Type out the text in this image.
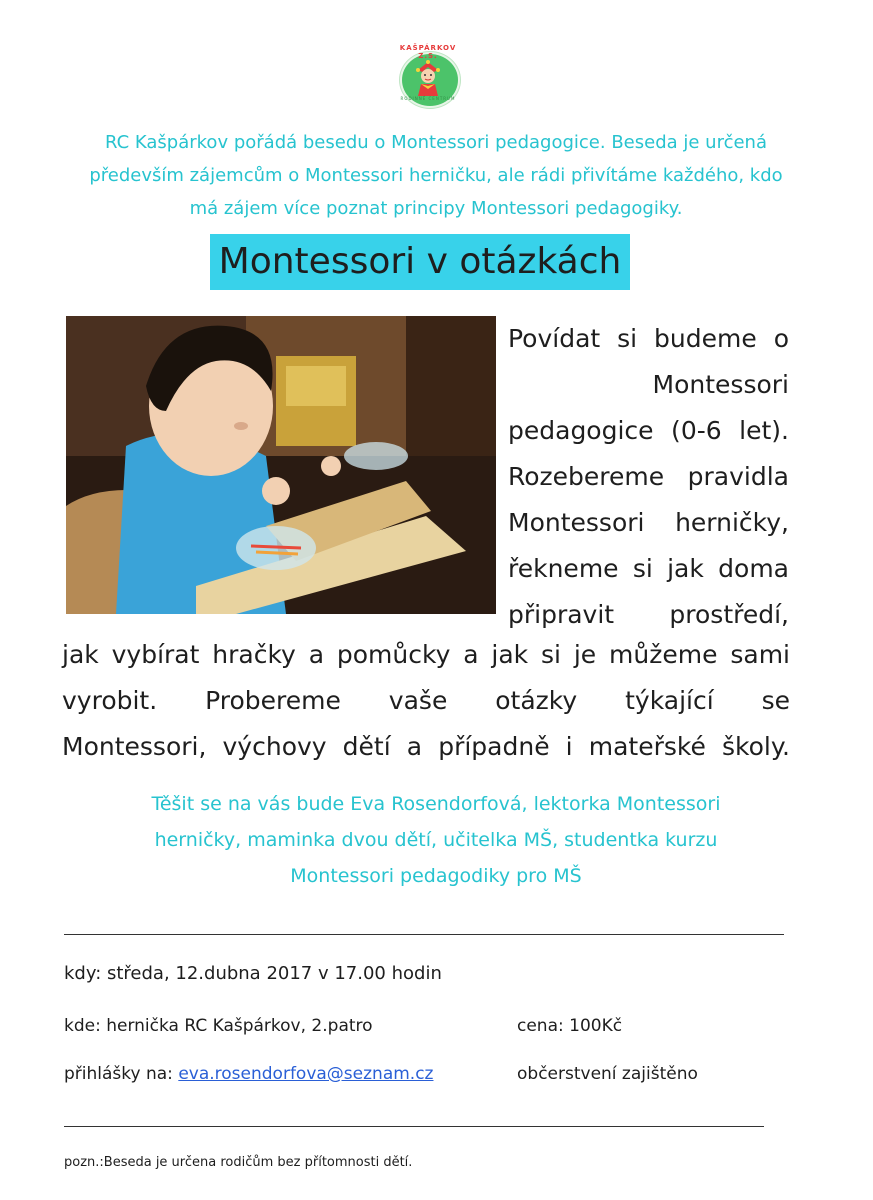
KAŠPÁRKOV Z.S.
RODINNÉ CENTRUM
RC Kašpárkov pořádá besedu o Montessori pedagogice. Beseda je určená
především zájemcům o Montessori herničku, ale rádi přivítáme každého, kdo
má zájem více poznat principy Montessori pedagogiky.
Montessori v otázkách
Povídat si budeme o
Montessori
pedagogice (0-6 let).
Rozebereme pravidla
Montessori herničky,
řekneme si jak doma
připravit prostředí,
jak vybírat hračky a pomůcky a jak si je můžeme sami
vyrobit. Probereme vaše otázky týkající se
Montessori, výchovy dětí a případně i mateřské školy.
Těšit se na vás bude Eva Rosendorfová, lektorka Montessori
herničky, maminka dvou dětí, učitelka MŠ, studentka kurzu
Montessori pedagodiky pro MŠ
kdy: středa, 12.dubna 2017 v 17.00 hodin
kde: hernička RC Kašpárkov, 2.patro	cena: 100Kč
přihlášky na: eva.rosendorfova@seznam.cz	občerstvení zajištěno
pozn.:Beseda je určena rodičům bez přítomnosti dětí.
